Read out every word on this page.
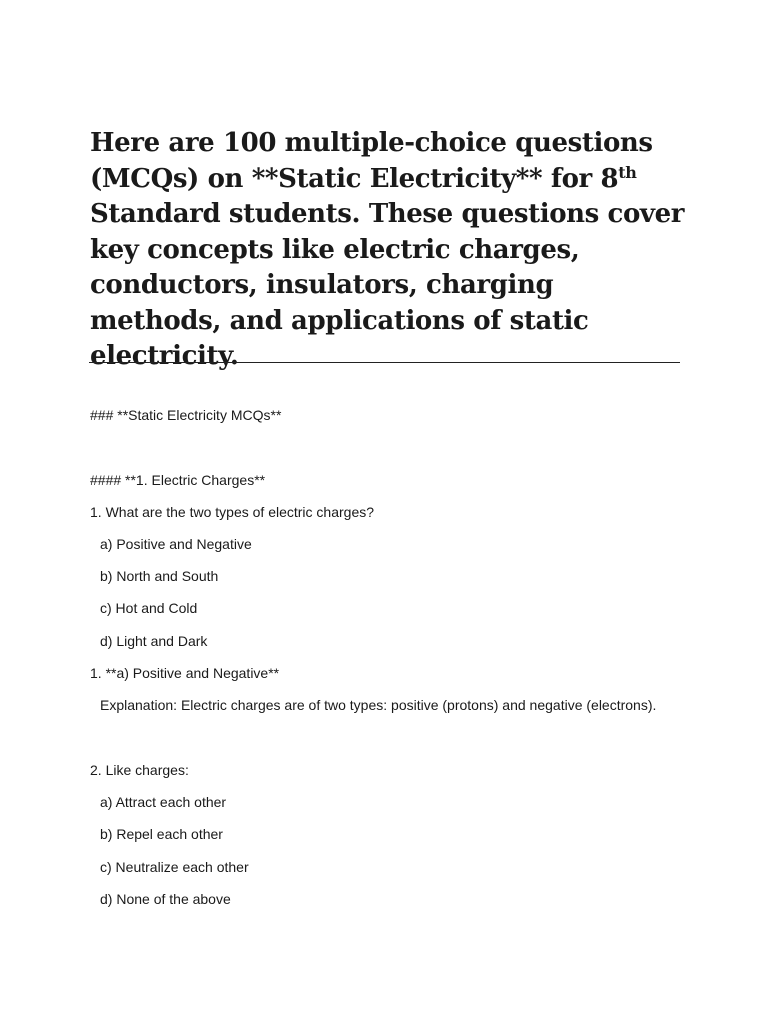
Here are 100 multiple-choice questions (MCQs) on **Static Electricity** for 8th Standard students. These questions cover key concepts like electric charges, conductors, insulators, charging methods, and applications of static electricity.

### **Static Electricity MCQs**

#### **1. Electric Charges**

1. What are the two types of electric charges?

a) Positive and Negative

b) North and South

c) Hot and Cold

d) Light and Dark

1. **a) Positive and Negative**

Explanation: Electric charges are of two types: positive (protons) and negative (electrons).

2. Like charges:

a) Attract each other

b) Repel each other

c) Neutralize each other

d) None of the above
